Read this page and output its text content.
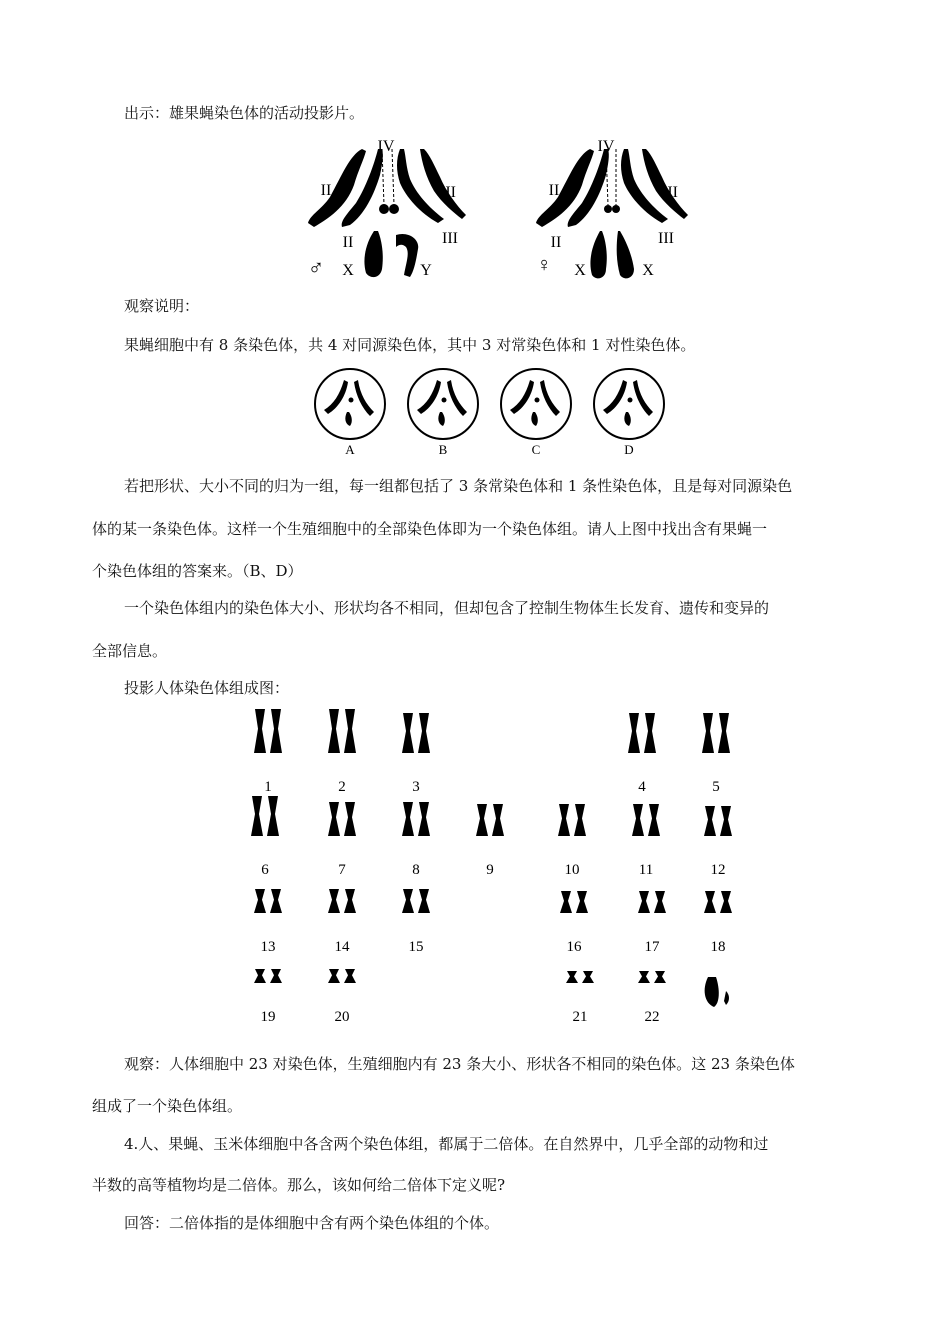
出示：雄果蝇染色体的活动投影片。
IV
II	III
II	III
X	Y
♂
IV
II	III
II	III
X	X
♀
观察说明：
果蝇细胞中有 8 条染色体，共 4 对同源染色体，其中 3 对常染色体和 1 对性染色体。
A	B	C	D
若把形状、大小不同的归为一组，每一组都包括了 3 条常染色体和 1 条性染色体，且是每对同源染色
体的某一条染色体。这样一个生殖细胞中的全部染色体即为一个染色体组。请人上图中找出含有果蝇一
个染色体组的答案来。（B、D）
一个染色体组内的染色体大小、形状均各不相同，但却包含了控制生物体生长发育、遗传和变异的
全部信息。
投影人体染色体组成图：
1	2	3	4	5
6	7	8	9	10	11	12
13	14	15	16	17	18
19	20	21	22
观察：人体细胞中 23 对染色体，生殖细胞内有 23 条大小、形状各不相同的染色体。这 23 条染色体
组成了一个染色体组。
4.人、果蝇、玉米体细胞中各含两个染色体组，都属于二倍体。在自然界中，几乎全部的动物和过
半数的高等植物均是二倍体。那么，该如何给二倍体下定义呢?
回答：二倍体指的是体细胞中含有两个染色体组的个体。
